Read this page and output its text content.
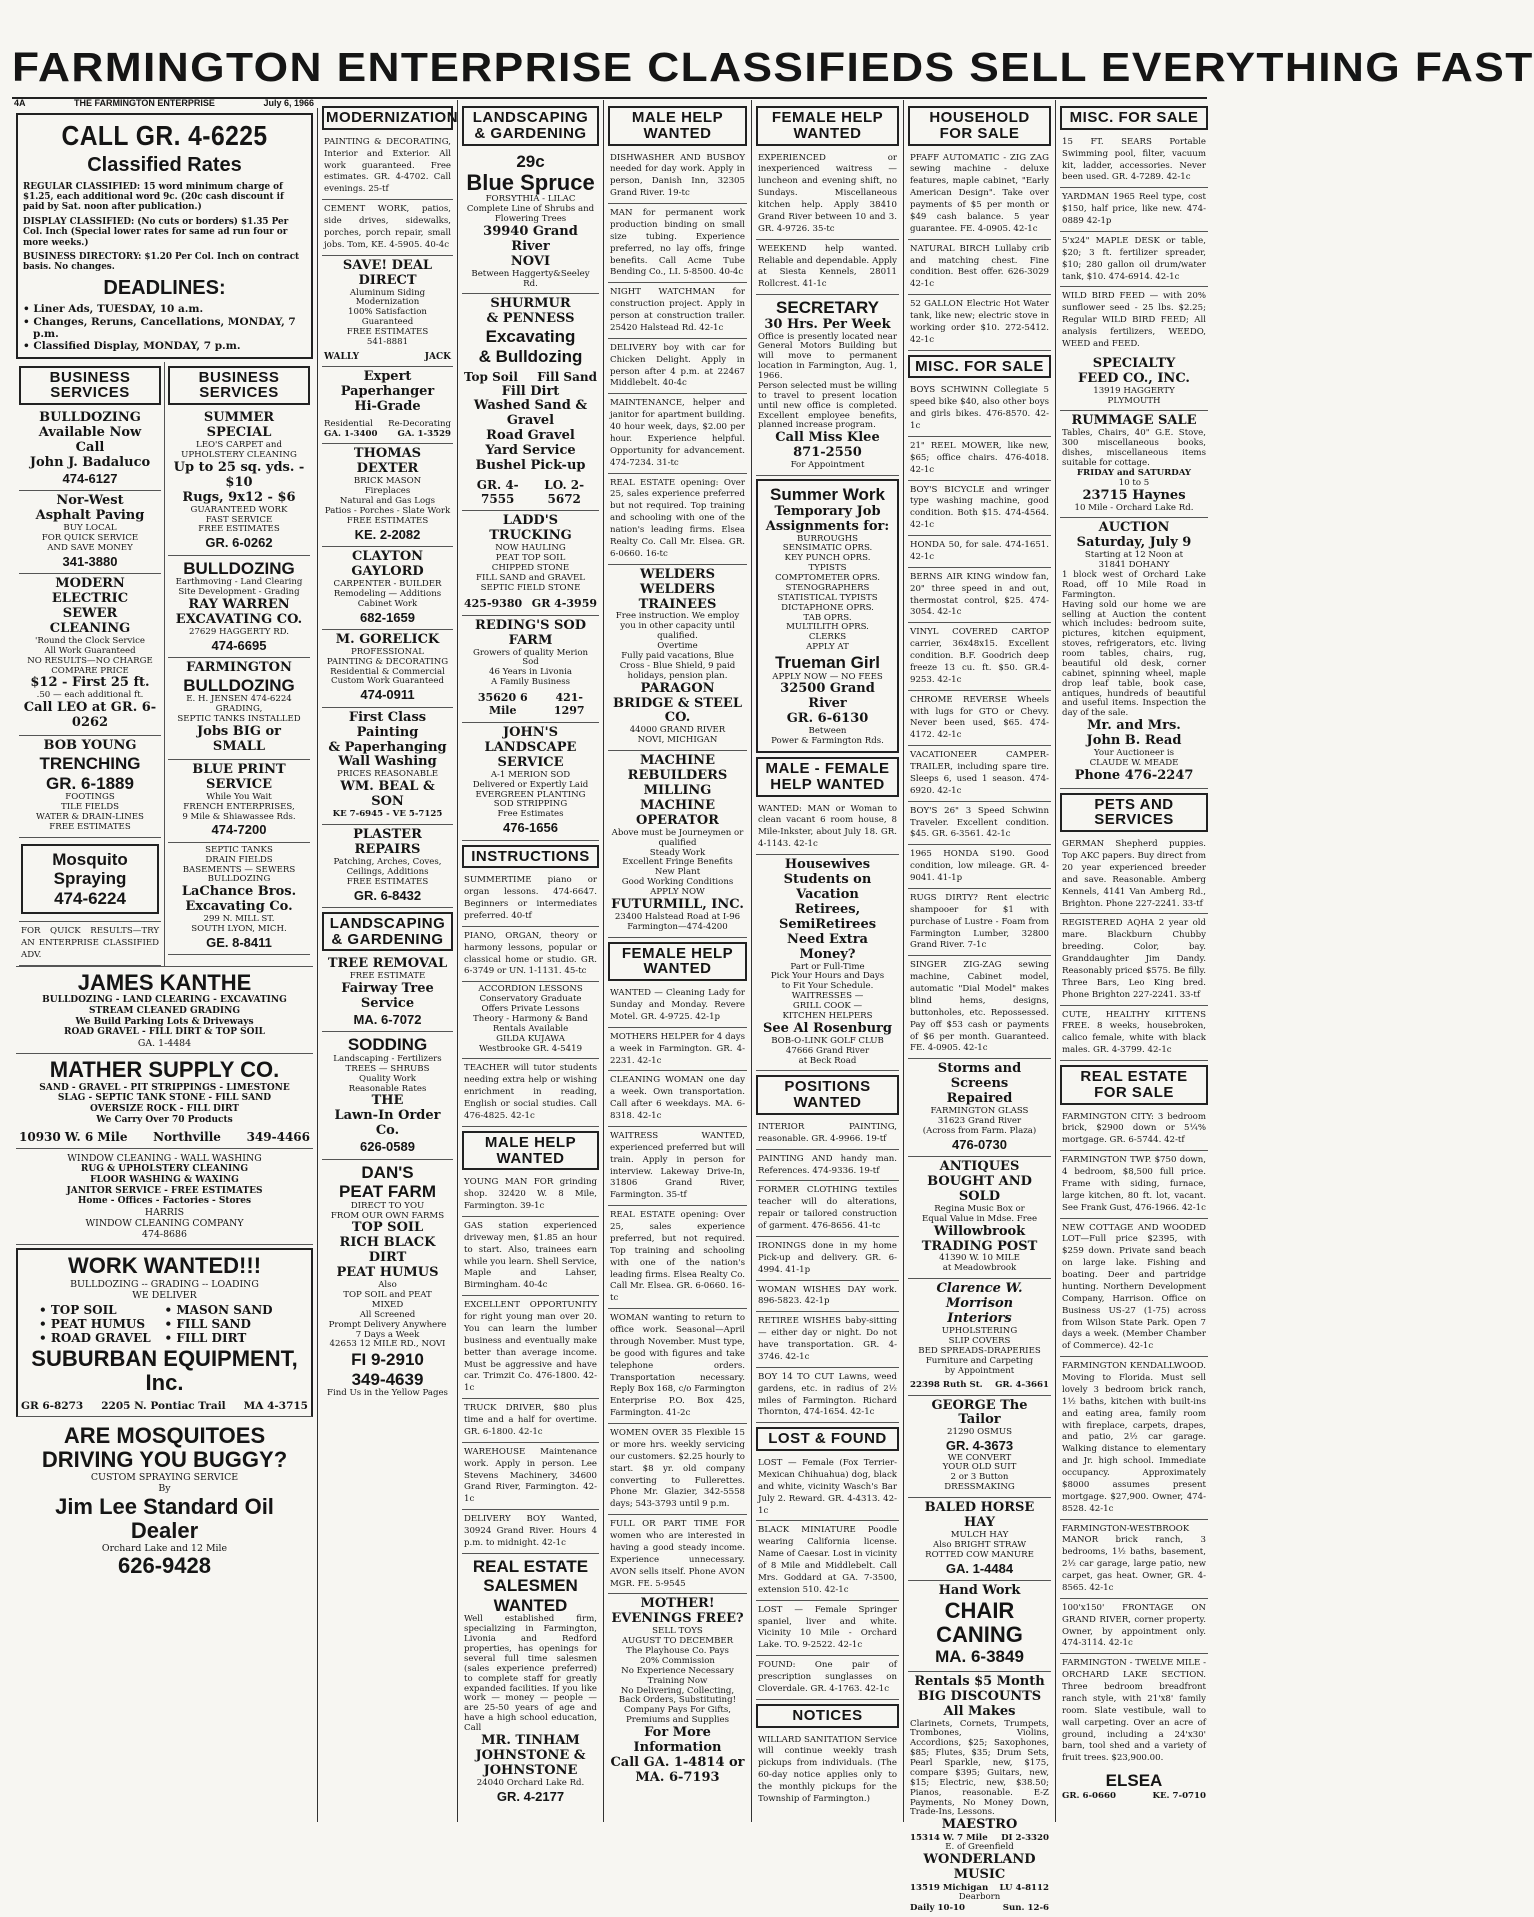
FARMINGTON ENTERPRISE CLASSIFIEDS SELL EVERYTHING FAST
4A	THE FARMINGTON ENTERPRISE	July 6, 1966
CALL GR. 4-6225
Classified Rates
REGULAR CLASSIFIED: 15 word minimum charge of $1.25, each additional word 9c. (20c cash discount if paid by Sat. noon after publication.)
DISPLAY CLASSIFIED: (No cuts or borders) $1.35 Per Col. Inch (Special lower rates for same ad run four or more weeks.)
BUSINESS DIRECTORY: $1.20 Per Col. Inch on contract basis. No changes.
DEADLINES:
• Liner Ads, TUESDAY, 10 a.m.
• Changes, Reruns, Cancellations, MONDAY, 7 p.m.
• Classified Display, MONDAY, 7 p.m.
BUSINESS SERVICES
BULLDOZING
Available Now
Call
John J. Badaluco
474-6127
Nor-West
Asphalt Paving
BUY LOCAL
FOR QUICK SERVICE
AND SAVE MONEY
341-3880
MODERN ELECTRIC
SEWER CLEANING
'Round the Clock Service
All Work Guaranteed
NO RESULTS—NO CHARGE
COMPARE PRICE
$12 - First 25 ft.
.50 — each additional ft.
Call LEO at GR. 6-0262
BOB YOUNG
TRENCHING
GR. 6-1889
FOOTINGS
TILE FIELDS
WATER & DRAIN-LINES
FREE ESTIMATES
Mosquito
Spraying
474-6224
FOR QUICK RESULTS—TRY AN ENTERPRISE CLASSIFIED ADV.
BUSINESS SERVICES
SUMMER SPECIAL
LEO'S CARPET and
UPHOLSTERY CLEANING
Up to 25 sq. yds. - $10
Rugs, 9x12 - $6
GUARANTEED WORK
FAST SERVICE
FREE ESTIMATES
GR. 6-0262
BULLDOZING
Earthmoving - Land Clearing
Site Development - Grading
RAY WARREN
EXCAVATING CO.
27629 HAGGERTY RD.
474-6695
FARMINGTON
BULLDOZING
E. H. JENSEN 474-6224
GRADING,
SEPTIC TANKS INSTALLED
Jobs BIG or SMALL
BLUE PRINT
SERVICE
While You Wait
FRENCH ENTERPRISES,
9 Mile & Shiawassee Rds.
474-7200
SEPTIC TANKS
DRAIN FIELDS
BASEMENTS — SEWERS
BULLDOZING
LaChance Bros.
Excavating Co.
299 N. MILL ST.
SOUTH LYON, MICH.
GE. 8-8411
JAMES KANTHE
BULLDOZING - LAND CLEARING - EXCAVATING
STREAM CLEANED GRADING
We Build Parking Lots & Driveways
ROAD GRAVEL - FILL DIRT & TOP SOIL
GA. 1-4484
MATHER SUPPLY CO.
SAND - GRAVEL - PIT STRIPPINGS - LIMESTONE
SLAG - SEPTIC TANK STONE - FILL SAND
OVERSIZE ROCK - FILL DIRT
We Carry Over 70 Products
10930 W. 6 Mile Northville 349-4466
WINDOW CLEANING - WALL WASHING
RUG & UPHOLSTERY CLEANING
FLOOR WASHING & WAXING
JANITOR SERVICE - FREE ESTIMATES
Home - Offices - Factories - Stores
HARRIS
WINDOW CLEANING COMPANY
474-8686
WORK WANTED!!!
BULLDOZING -- GRADING -- LOADING
WE DELIVER
• TOP SOIL	• MASON SAND
• PEAT HUMUS	• FILL SAND
• ROAD GRAVEL	• FILL DIRT
SUBURBAN EQUIPMENT, Inc.
GR 6-8273 2205 N. Pontiac Trail MA 4-3715
ARE MOSQUITOES
DRIVING YOU BUGGY?
CUSTOM SPRAYING SERVICE
By
Jim Lee Standard Oil Dealer
Orchard Lake and 12 Mile
626-9428
MODERNIZATION
PAINTING & DECORATING, Interior and Exterior. All work guaranteed. Free estimates. GR. 4-4702. Call evenings. 25-tf
CEMENT WORK, patios, side drives, sidewalks, porches, porch repair, small jobs. Tom, KE. 4-5905. 40-4c
SAVE! DEAL DIRECT
Aluminum Siding
Modernization
100% Satisfaction Guaranteed
FREE ESTIMATES
541-8881
WALLY	JACK
Expert Paperhanger
Hi-Grade
Residential Re-Decorating
GA. 1-3400 GA. 1-3529
THOMAS DEXTER
BRICK MASON
Fireplaces
Natural and Gas Logs
Patios - Porches - Slate Work
FREE ESTIMATES
KE. 2-2082
CLAYTON GAYLORD
CARPENTER - BUILDER
Remodeling — Additions
Cabinet Work
682-1659
M. GORELICK
PROFESSIONAL
PAINTING & DECORATING
Residential & Commercial
Custom Work Guaranteed
474-0911
First Class
Painting
& Paperhanging
Wall Washing
PRICES REASONABLE
WM. BEAL & SON
KE 7-6945 - VE 5-7125
PLASTER REPAIRS
Patching, Arches, Coves,
Ceilings, Additions
FREE ESTIMATES
GR. 6-8432
LANDSCAPING & GARDENING
TREE REMOVAL
FREE ESTIMATE
Fairway Tree Service
MA. 6-7072
SODDING
Landscaping - Fertilizers
TREES — SHRUBS
Quality Work
Reasonable Rates
THE
Lawn-In Order Co.
626-0589
DAN'S
PEAT FARM
DIRECT TO YOU
FROM OUR OWN FARMS
TOP SOIL
RICH BLACK DIRT
PEAT HUMUS
Also
TOP SOIL and PEAT
MIXED
All Screened
Prompt Delivery Anywhere
7 Days a Week
42653 12 MILE RD., NOVI
FI 9-2910
349-4639
Find Us in the Yellow Pages
LANDSCAPING & GARDENING
29c
Blue Spruce
FORSYTHIA - LILAC
Complete Line of Shrubs and
Flowering Trees
39940 Grand River
NOVI
Between Haggerty&Seeley Rd.
SHURMUR
& PENNESS
Excavating
& Bulldozing
Top Soil Fill Sand
Fill Dirt
Washed Sand & Gravel
Road Gravel
Yard Service
Bushel Pick-up
GR. 4-7555
LO. 2-5672
LADD'S TRUCKING
NOW HAULING
PEAT TOP SOIL
CHIPPED STONE
FILL SAND and GRAVEL
SEPTIC FIELD STONE
425-9380 GR 4-3959
REDING'S SOD FARM
Growers of quality Merion Sod
46 Years in Livonia
A Family Business
35620 6 Mile
421-1297
JOHN'S
LANDSCAPE
SERVICE
A-1 MERION SOD
Delivered or Expertly Laid
EVERGREEN PLANTING
SOD STRIPPING
Free Estimates
476-1656
INSTRUCTIONS
SUMMERTIME piano or organ lessons. 474-6647. Beginners or intermediates preferred. 40-tf
PIANO, ORGAN, theory or harmony lessons, popular or classical home or studio. GR. 6-3749 or UN. 1-1131. 45-tc
ACCORDION LESSONS
Conservatory Graduate
Offers Private Lessons
Theory - Harmony & Band
Rentals Available
GILDA KUJAWA
Westbrooke GR. 4-5419
TEACHER will tutor students needing extra help or wishing enrichment in reading, English or social studies. Call 476-4825. 42-1c
MALE HELP WANTED
YOUNG MAN FOR grinding shop. 32420 W. 8 Mile, Farmington. 39-1c
GAS station experienced driveway men, $1.85 an hour to start. Also, trainees earn while you learn. Shell Service, Maple and Lahser, Birmingham. 40-4c
EXCELLENT OPPORTUNITY for right young man over 20. You can learn the lumber business and eventually make better than average income. Must be aggressive and have car. Trimzit Co. 476-1800. 42-1c
TRUCK DRIVER, $80 plus time and a half for overtime. GR. 6-1800. 42-1c
WAREHOUSE Maintenance work. Apply in person. Lee Stevens Machinery, 34600 Grand River, Farmington. 42-1c
DELIVERY BOY Wanted, 30924 Grand River. Hours 4 p.m. to midnight. 42-1c
REAL ESTATE
SALESMEN
WANTED
Well established firm, specializing in Farmington, Livonia and Redford properties, has openings for several full time salesmen (sales experience preferred) to complete staff for greatly expanded facilities. If you like work — money — people — are 25-50 years of age and have a high school education, Call
MR. TINHAM
JOHNSTONE &
JOHNSTONE
24040 Orchard Lake Rd.
GR. 4-2177
MALE HELP WANTED
DISHWASHER AND BUSBOY needed for day work. Apply in person, Danish Inn, 32305 Grand River. 19-tc
MAN for permanent work production binding on small size tubing. Experience preferred, no lay offs, fringe benefits. Call Acme Tube Bending Co., LI. 5-8500. 40-4c
NIGHT WATCHMAN for construction project. Apply in person at construction trailer. 25420 Halstead Rd. 42-1c
DELIVERY boy with car for Chicken Delight. Apply in person after 4 p.m. at 22467 Middlebelt. 40-4c
MAINTENANCE, helper and janitor for apartment building. 40 hour week, days, $2.00 per hour. Experience helpful. Opportunity for advancement. 474-7234. 31-tc
REAL ESTATE opening: Over 25, sales experience preferred but not required. Top training and schooling with one of the nation's leading firms. Elsea Realty Co. Call Mr. Elsea. GR. 6-0660. 16-tc
WELDERS
WELDERS
TRAINEES
Free instruction. We employ you in other capacity until qualified.
Overtime
Fully paid vacations, Blue Cross - Blue Shield, 9 paid holidays, pension plan.
PARAGON
BRIDGE & STEEL
CO.
44000 GRAND RIVER
NOVI, MICHIGAN
MACHINE
REBUILDERS
MILLING MACHINE
OPERATOR
Above must be Journeymen or qualified
Steady Work
Excellent Fringe Benefits
New Plant
Good Working Conditions
APPLY NOW
FUTURMILL, INC.
23400 Halstead Road at I-96
Farmington—474-4200
FEMALE HELP WANTED
WANTED — Cleaning Lady for Sunday and Monday. Revere Motel. GR. 4-9725. 42-1p
MOTHERS HELPER for 4 days a week in Farmington. GR. 4-2231. 42-1c
CLEANING WOMAN one day a week. Own transportation. Call after 6 weekdays. MA. 6-8318. 42-1c
WAITRESS WANTED, experienced preferred but will train. Apply in person for interview. Lakeway Drive-In, 31806 Grand River, Farmington. 35-tf
REAL ESTATE opening: Over 25, sales experience preferred, but not required. Top training and schooling with one of the nation's leading firms. Elsea Realty Co. Call Mr. Elsea. GR. 6-0660. 16-tc
WOMAN wanting to return to office work. Seasonal—April through November. Must type, be good with figures and take telephone orders. Transportation necessary. Reply Box 168, c/o Farmington Enterprise P.O. Box 425, Farmington. 41-2c
WOMEN OVER 35 Flexible 15 or more hrs. weekly servicing our customers. $2.25 hourly to start. $8 yr. old company converting to Fullerettes. Phone Mr. Glazier, 342-5558 days; 543-3793 until 9 p.m.
FULL OR PART TIME FOR women who are interested in having a good steady income. Experience unnecessary. AVON sells itself. Phone AVON MGR. FE. 5-9545
MOTHER!
EVENINGS FREE?
SELL TOYS
AUGUST TO DECEMBER
The Playhouse Co. Pays
20% Commission
No Experience Necessary
Training Now
No Delivering, Collecting,
Back Orders, Substituting!
Company Pays For Gifts,
Premiums and Supplies
For More Information
Call GA. 1-4814 or
MA. 6-7193
FEMALE HELP WANTED
EXPERIENCED or inexperienced waitress — luncheon and evening shift, no Sundays. Miscellaneous kitchen help. Apply 38410 Grand River between 10 and 3. GR. 4-9726. 35-tc
WEEKEND help wanted. Reliable and dependable. Apply at Siesta Kennels, 28011 Rollcrest. 41-1c
SECRETARY
30 Hrs. Per Week
Office is presently located near General Motors Building but will move to permanent location in Farmington, Aug. 1, 1966.
Person selected must be willing to travel to present location until new office is completed. Excellent employee benefits, planned increase program.
Call Miss Klee
871-2550
For Appointment
Summer Work
Temporary Job
Assignments for:
BURROUGHS
SENSIMATIC OPRS.
KEY PUNCH OPRS.
TYPISTS
COMPTOMETER OPRS.
STENOGRAPHERS
STATISTICAL TYPISTS
DICTAPHONE OPRS.
TAB OPRS.
MULTILITH OPRS.
CLERKS
APPLY AT
Trueman Girl
APPLY NOW — NO FEES
32500 Grand River
GR. 6-6130
Between
Power & Farmington Rds.
MALE - FEMALE HELP WANTED
WANTED: MAN or Woman to clean vacant 6 room house, 8 Mile-Inkster, about July 18. GR. 4-1143. 42-1c
Housewives
Students on Vacation
Retirees, SemiRetirees
Need Extra Money?
Part or Full-Time
Pick Your Hours and Days
to Fit Your Schedule.
WAITRESSES —
GRILL COOK —
KITCHEN HELPERS
See Al Rosenburg
BOB-O-LINK GOLF CLUB
47666 Grand River
at Beck Road
POSITIONS WANTED
INTERIOR PAINTING, reasonable. GR. 4-9966. 19-tf
PAINTING AND handy man. References. 474-9336. 19-tf
FORMER CLOTHING textiles teacher will do alterations, repair or tailored construction of garment. 476-8656. 41-tc
IRONINGS done in my home Pick-up and delivery. GR. 6-4994. 41-1p
WOMAN WISHES DAY work. 896-5823. 42-1p
RETIREE WISHES baby-sitting — either day or night. Do not have transportation. GR. 4-3746. 42-1c
BOY 14 TO CUT Lawns, weed gardens, etc. in radius of 2½ miles of Farmington. Richard Thornton, 474-1654. 42-1c
LOST & FOUND
LOST — Female (Fox Terrier-Mexican Chihuahua) dog, black and white, vicinity Wasch's Bar July 2. Reward. GR. 4-4313. 42-1c
BLACK MINIATURE Poodle wearing California license. Name of Caesar. Lost in vicinity of 8 Mile and Middlebelt. Call Mrs. Goddard at GA. 7-3500, extension 510. 42-1c
LOST — Female Springer spaniel, liver and white. Vicinity 10 Mile - Orchard Lake. TO. 9-2522. 42-1c
FOUND: One pair of prescription sunglasses on Cloverdale. GR. 4-1763. 42-1c
NOTICES
WILLARD SANITATION Service will continue weekly trash pickups from individuals. (The 60-day notice applies only to the monthly pickups for the Township of Farmington.)
HOUSEHOLD FOR SALE
PFAFF AUTOMATIC - ZIG ZAG sewing machine - deluxe features, maple cabinet, "Early American Design". Take over payments of $5 per month or $49 cash balance. 5 year guarantee. FE. 4-0905. 42-1c
NATURAL BIRCH Lullaby crib and matching chest. Fine condition. Best offer. 626-3029 42-1c
52 GALLON Electric Hot Water tank, like new; electric stove in working order $10. 272-5412. 42-1c
MISC. FOR SALE
BOYS SCHWINN Collegiate 5 speed bike $40, also other boys and girls bikes. 476-8570. 42-1c
21" REEL MOWER, like new, $65; office chairs. 476-4018. 42-1c
BOY'S BICYCLE and wringer type washing machine, good condition. Both $15. 474-4564. 42-1c
HONDA 50, for sale. 474-1651. 42-1c
BERNS AIR KING window fan, 20" three speed in and out, thermostat control, $25. 474-3054. 42-1c
VINYL COVERED CARTOP carrier, 36x48x15. Excellent condition. B.F. Goodrich deep freeze 13 cu. ft. $50. GR.4-9253. 42-1c
CHROME REVERSE Wheels with lugs for GTO or Chevy. Never been used, $65. 474-4172. 42-1c
VACATIONEER CAMPER-TRAILER, including spare tire. Sleeps 6, used 1 season. 474-6920. 42-1c
BOY'S 26" 3 Speed Schwinn Traveler. Excellent condition. $45. GR. 6-3561. 42-1c
1965 HONDA S190. Good condition, low mileage. GR. 4-9041. 41-1p
RUGS DIRTY? Rent electric shampooer for $1 with purchase of Lustre - Foam from Farmington Lumber, 32800 Grand River. 7-1c
SINGER ZIG-ZAG sewing machine, Cabinet model, automatic "Dial Model" makes blind hems, designs, buttonholes, etc. Repossessed. Pay off $53 cash or payments of $6 per month. Guaranteed. FE. 4-0905. 42-1c
Storms and Screens
Repaired
FARMINGTON GLASS
31623 Grand River
(Across from Farm. Plaza)
476-0730
ANTIQUES
BOUGHT AND SOLD
Regina Music Box or
Equal Value in Mdse. Free
Willowbrook
TRADING POST
41390 W. 10 MILE
at Meadowbrook
Clarence W. Morrison
Interiors
UPHOLSTERING
SLIP COVERS
BED SPREADS-DRAPERIES
Furniture and Carpeting
by Appointment
22398 Ruth St. GR. 4-3661
GEORGE The Tailor
21290 OSMUS
GR. 4-3673
WE CONVERT
YOUR OLD SUIT
2 or 3 Button
DRESSMAKING
BALED HORSE HAY
MULCH HAY
Also BRIGHT STRAW
ROTTED COW MANURE
GA. 1-4484
Hand Work
CHAIR
CANING
MA. 6-3849
Rentals $5 Month
BIG DISCOUNTS
All Makes
Clarinets, Cornets, Trumpets, Trombones, Violins, Accordions, $25; Saxophones, $85; Flutes, $35; Drum Sets, Pearl Sparkle, new, $175, compare $395; Guitars, new, $15; Electric, new, $38.50; Pianos, reasonable. E-Z Payments, No Money Down, Trade-Ins, Lessons.
MAESTRO
15314 W. 7 Mile DI 2-3320
E. of Greenfield
WONDERLAND
MUSIC
13519 Michigan LU 4-8112
Dearborn
Daily 10-10	Sun. 12-6
MISC. FOR SALE
15 FT. SEARS Portable Swimming pool, filter, vacuum kit, ladder, accessories. Never been used. GR. 4-7289. 42-1c
YARDMAN 1965 Reel type, cost $150, half price, like new. 474-0889 42-1p
5'x24" MAPLE DESK or table, $20; 3 ft. fertilizer spreader, $10; 280 gallon oil drum/water tank, $10. 474-6914. 42-1c
WILD BIRD FEED — with 20% sunflower seed - 25 lbs. $2.25; Regular WILD BIRD FEED; All analysis fertilizers, WEEDO, WEED and FEED.
SPECIALTY
FEED CO., INC.
13919 HAGGERTY
PLYMOUTH
RUMMAGE SALE
Tables, Chairs, 40" G.E. Stove, 300 miscellaneous books, dishes, miscellaneous items suitable for cottage.
FRIDAY and SATURDAY
10 to 5
23715 Haynes
10 Mile - Orchard Lake Rd.
AUCTION
Saturday, July 9
Starting at 12 Noon at
31841 DOHANY
1 block west of Orchard Lake Road, off 10 Mile Road in Farmington.
Having sold our home we are selling at Auction the content which includes: bedroom suite, pictures, kitchen equipment, stoves, refrigerators, etc. living room tables, chairs, rug, beautiful old desk, corner cabinet, spinning wheel, maple drop leaf table, book case, antiques, hundreds of beautiful and useful items. Inspection the day of the sale.
Mr. and Mrs.
John B. Read
Your Auctioneer is
CLAUDE W. MEADE
Phone 476-2247
PETS AND SERVICES
GERMAN Shepherd puppies. Top AKC papers. Buy direct from 20 year experienced breeder and save. Reasonable. Amberg Kennels, 4141 Van Amberg Rd., Brighton. Phone 227-2241. 33-tf
REGISTERED AQHA 2 year old mare. Blackburn Chubby breeding. Color, bay. Granddaughter Jim Dandy. Reasonably priced $575. Be filly. Three Bars, Leo King bred. Phone Brighton 227-2241. 33-tf
CUTE, HEALTHY KITTENS FREE. 8 weeks, housebroken, calico female, white with black males. GR. 4-3799. 42-1c
REAL ESTATE FOR SALE
FARMINGTON CITY: 3 bedroom brick, $2900 down or 5¼% mortgage. GR. 6-5744. 42-tf
FARMINGTON TWP. $750 down, 4 bedroom, $8,500 full price. Frame with siding, furnace, large kitchen, 80 ft. lot, vacant. See Frank Gust, 476-1966. 42-1c
NEW COTTAGE AND WOODED LOT—Full price $2395, with $259 down. Private sand beach on large lake. Fishing and boating. Deer and partridge hunting. Northern Development Company, Harrison. Office on Business US-27 (1-75) across from Wilson State Park. Open 7 days a week. (Member Chamber of Commerce). 42-1c
FARMINGTON KENDALLWOOD. Moving to Florida. Must sell lovely 3 bedroom brick ranch, 1½ baths, kitchen with built-ins and eating area, family room with fireplace, carpets, drapes, and patio, 2½ car garage. Walking distance to elementary and Jr. high school. Immediate occupancy. Approximately $8000 assumes present mortgage. $27,900. Owner, 474-8528. 42-1c
FARMINGTON-WESTBROOK MANOR brick ranch, 3 bedrooms, 1½ baths, basement, 2½ car garage, large patio, new carpet, gas heat. Owner, GR. 4-8565. 42-1c
100'x150' FRONTAGE ON GRAND RIVER, corner property. Owner, by appointment only. 474-3114. 42-1c
FARMINGTON - TWELVE MILE - ORCHARD LAKE SECTION. Three bedroom breadfront ranch style, with 21'x8' family room. Slate vestibule, wall to wall carpeting. Over an acre of ground, including a 24'x30' barn, tool shed and a variety of fruit trees. $23,900.00.
ELSEA
GR. 6-0660	KE. 7-0710
